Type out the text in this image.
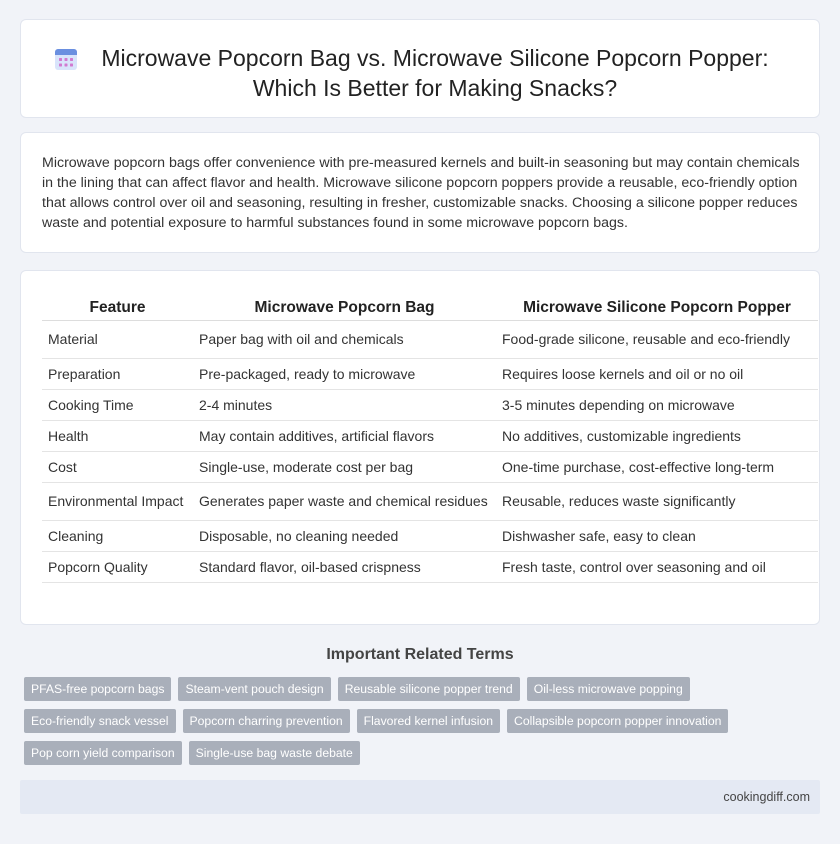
Microwave Popcorn Bag vs. Microwave Silicone Popcorn Popper: Which Is Better for Making Snacks?

Microwave popcorn bags offer convenience with pre-measured kernels and built-in seasoning but may contain chemicals in the lining that can affect flavor and health. Microwave silicone popcorn poppers provide a reusable, eco-friendly option that allows control over oil and seasoning, resulting in fresher, customizable snacks. Choosing a silicone popper reduces waste and potential exposure to harmful substances found in some microwave popcorn bags.

Feature	Microwave Popcorn Bag	Microwave Silicone Popcorn Popper
Material	Paper bag with oil and chemicals	Food-grade silicone, reusable and eco-friendly
Preparation	Pre-packaged, ready to microwave	Requires loose kernels and oil or no oil
Cooking Time	2-4 minutes	3-5 minutes depending on microwave
Health	May contain additives, artificial flavors	No additives, customizable ingredients
Cost	Single-use, moderate cost per bag	One-time purchase, cost-effective long-term
Environmental Impact	Generates paper waste and chemical residues	Reusable, reduces waste significantly
Cleaning	Disposable, no cleaning needed	Dishwasher safe, easy to clean
Popcorn Quality	Standard flavor, oil-based crispness	Fresh taste, control over seasoning and oil
Important Related Terms
PFAS-free popcorn bags	Steam-vent pouch design	Reusable silicone popper trend	Oil-less microwave popping
Eco-friendly snack vessel	Popcorn charring prevention	Flavored kernel infusion	Collapsible popcorn popper innovation
Pop corn yield comparison	Single-use bag waste debate
cookingdiff.com
